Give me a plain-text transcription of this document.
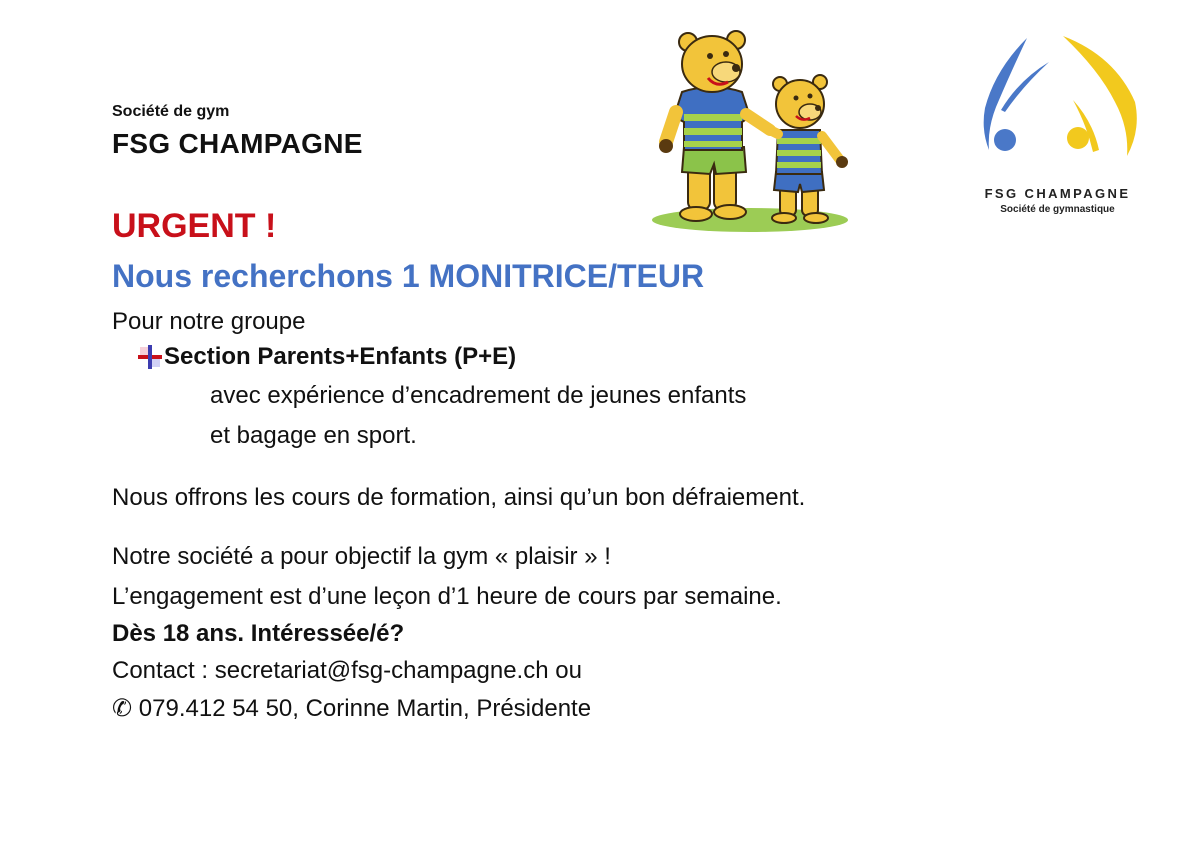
Société de gym
FSG CHAMPAGNE
FSG CHAMPAGNE
Société de gymnastique
URGENT !
Nous recherchons 1 MONITRICE/TEUR
Pour notre groupe
Section Parents+Enfants (P+E)
avec expérience d’encadrement de jeunes enfants
et bagage en sport.
Nous offrons les cours de formation, ainsi qu’un bon défraiement.
Notre société a pour objectif la gym « plaisir » !
L’engagement est d’une leçon d’1 heure de cours par semaine.
Dès 18 ans. Intéressée/é?
Contact : secretariat@fsg-champagne.ch ou
✆ 079.412 54 50, Corinne Martin, Présidente
